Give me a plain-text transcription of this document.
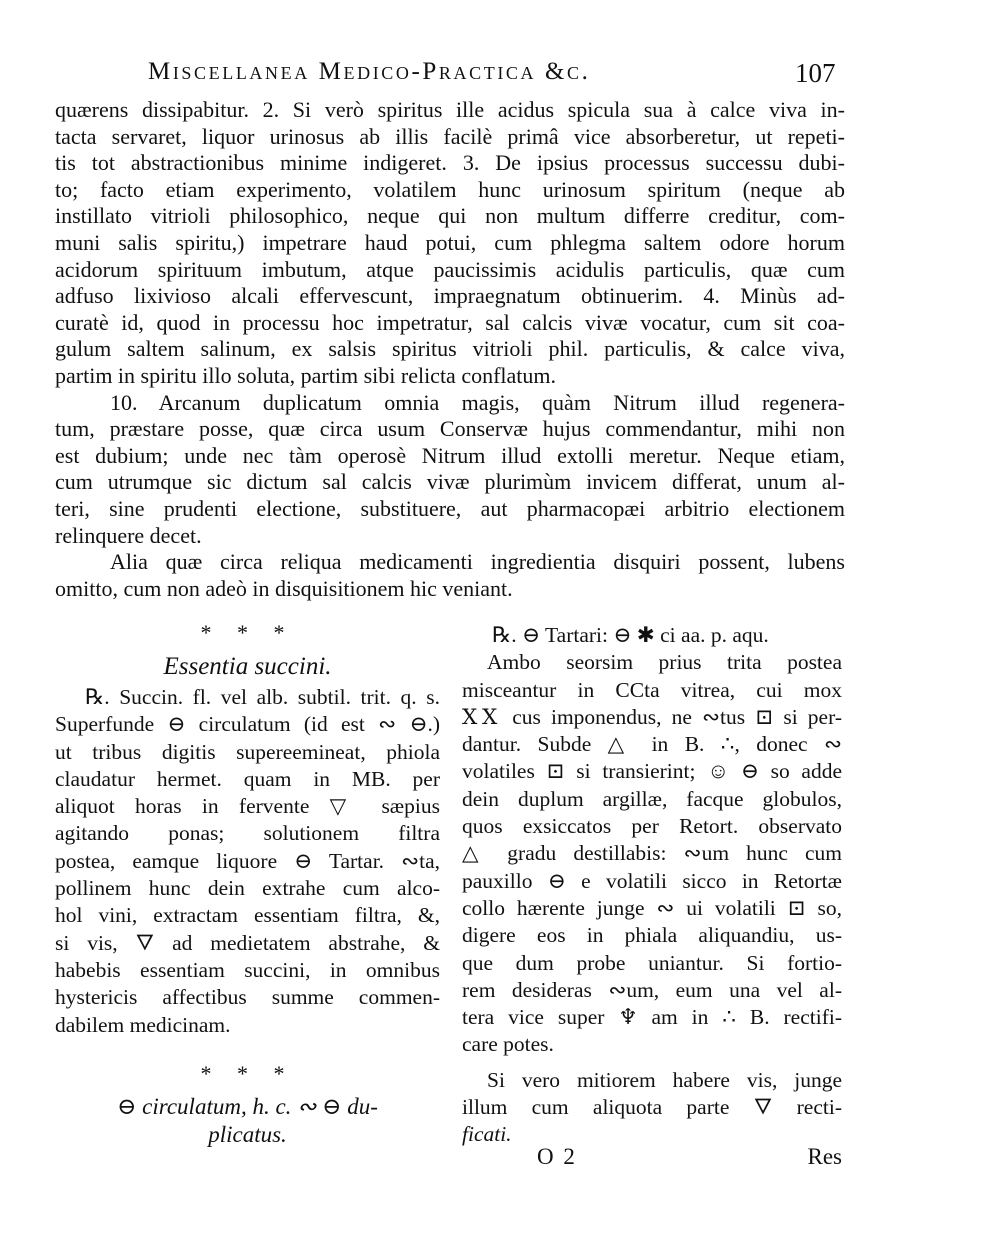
Miscellanea Medico-Practica &c.	107
quærens dissipabitur. 2. Si verò spiritus ille acidus spicula sua à calce viva in-
tacta servaret, liquor urinosus ab illis facilè primâ vice absorberetur, ut repeti-
tis tot abstractionibus minime indigeret. 3. De ipsius processus successu dubi-
to; facto etiam experimento, volatilem hunc urinosum spiritum (neque ab
instillato vitrioli philosophico, neque qui non multum differre creditur, com-
muni salis spiritu,) impetrare haud potui, cum phlegma saltem odore horum
acidorum spirituum imbutum, atque paucissimis acidulis particulis, quæ cum
adfuso lixivioso alcali effervescunt, impraegnatum obtinuerim. 4. Minùs ad-
curatè id, quod in processu hoc impetratur, sal calcis vivæ vocatur, cum sit coa-
gulum saltem salinum, ex salsis spiritus vitrioli phil. particulis, & calce viva,
partim in spiritu illo soluta, partim sibi relicta conflatum.
10. Arcanum duplicatum omnia magis, quàm Nitrum illud regenera-
tum, præstare posse, quæ circa usum Conservæ hujus commendantur, mihi non
est dubium; unde nec tàm operosè Nitrum illud extolli meretur. Neque etiam,
cum utrumque sic dictum sal calcis vivæ plurimùm invicem differat, unum al-
teri, sine prudenti electione, substituere, aut pharmacopæi arbitrio electionem
relinquere decet.
Alia quæ circa reliqua medicamenti ingredientia disquiri possent, lubens
omitto, cum non adeò in disquisitionem hic veniant.
* * *
Essentia succini.
℞. Succin. fl. vel alb. subtil. trit. q. s.
Superfunde ⊖ circulatum (id est ∾ ⊖.)
ut tribus digitis supereemineat, phiola
claudatur hermet. quam in MB. per
aliquot horas in fervente ▽ sæpius
agitando ponas; solutionem filtra
postea, eamque liquore ⊖ Tartar. ∾ta,
pollinem hunc dein extrahe cum alco-
hol vini, extractam essentiam filtra, &,
si vis, 🜄 ad medietatem abstrahe, &
habebis essentiam succini, in omnibus
hystericis affectibus summe commen-
dabilem medicinam.
* * *
⊖ circulatum, h. c. ∾ ⊖ du-
plicatus.
℞. ⊖ Tartari: ⊖ ✱ ci aa. p. aqu.
Ambo seorsim prius trita postea
misceantur in CCta vitrea, cui mox
ⅩⅩ cus imponendus, ne ∾tus ⊡ si per-
dantur. Subde △ in B. ∴, donec ∾
volatiles ⊡ si transierint; ☺ ⊖ so adde
dein duplum argillæ, facque globulos,
quos exsiccatos per Retort. observato
△ gradu destillabis: ∾um hunc cum
pauxillo ⊖ e volatili sicco in Retortæ
collo hærente junge ∾ ui volatili ⊡ so,
digere eos in phiala aliquandiu, us-
que dum probe uniantur. Si fortio-
rem desideras ∾um, eum una vel al-
tera vice super ♆ am in ∴ B. rectifi-
care potes.
Si vero mitiorem habere vis, junge
illum cum aliquota parte 🜄 recti-
ficati.
O 2	Res
